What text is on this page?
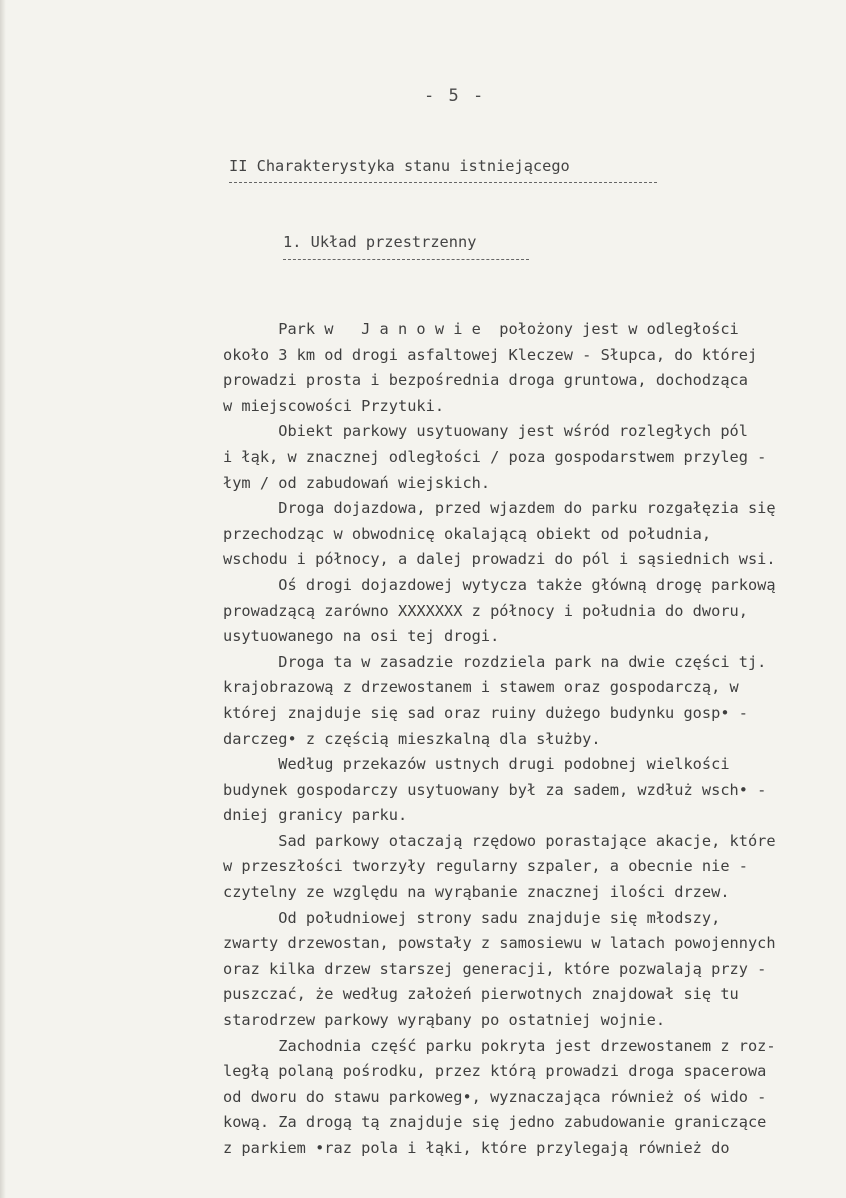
- 5 -
II Charakterystyka stanu istniejącego
1. Układ przestrzenny
Park w   J a n o w i e  położony jest w odległości
około 3 km od drogi asfaltowej Kleczew - Słupca, do której
prowadzi prosta i bezpośrednia droga gruntowa, dochodząca
w miejscowości Przytuki.
Obiekt parkowy usytuowany jest wśród rozległych pól
i łąk, w znacznej odległości / poza gospodarstwem przyleg -
łym / od zabudowań wiejskich.
Droga dojazdowa, przed wjazdem do parku rozgałęzia się
przechodząc w obwodnicę okalającą obiekt od południa,
wschodu i północy, a dalej prowadzi do pól i sąsiednich wsi.
Oś drogi dojazdowej wytycza także główną drogę parkową
prowadzącą zarówno XXXXXXX z północy i południa do dworu,
usytuowanego na osi tej drogi.
Droga ta w zasadzie rozdziela park na dwie części tj.
krajobrazową z drzewostanem i stawem oraz gospodarczą, w
której znajduje się sad oraz ruiny dużego budynku gosp• -
darczeg• z częścią mieszkalną dla służby.
Według przekazów ustnych drugi podobnej wielkości
budynek gospodarczy usytuowany był za sadem, wzdłuż wsch• -
dniej granicy parku.
Sad parkowy otaczają rzędowo porastające akacje, które
w przeszłości tworzyły regularny szpaler, a obecnie nie -
czytelny ze względu na wyrąbanie znacznej ilości drzew.
Od południowej strony sadu znajduje się młodszy,
zwarty drzewostan, powstały z samosiewu w latach powojennych
oraz kilka drzew starszej generacji, które pozwalają przy -
puszczać, że według założeń pierwotnych znajdował się tu
starodrzew parkowy wyrąbany po ostatniej wojnie.
Zachodnia część parku pokryta jest drzewostanem z roz-
ległą polaną pośrodku, przez którą prowadzi droga spacerowa
od dworu do stawu parkoweg•, wyznaczająca również oś wido -
kową. Za drogą tą znajduje się jedno zabudowanie graniczące
z parkiem •raz pola i łąki, które przylegają również do
